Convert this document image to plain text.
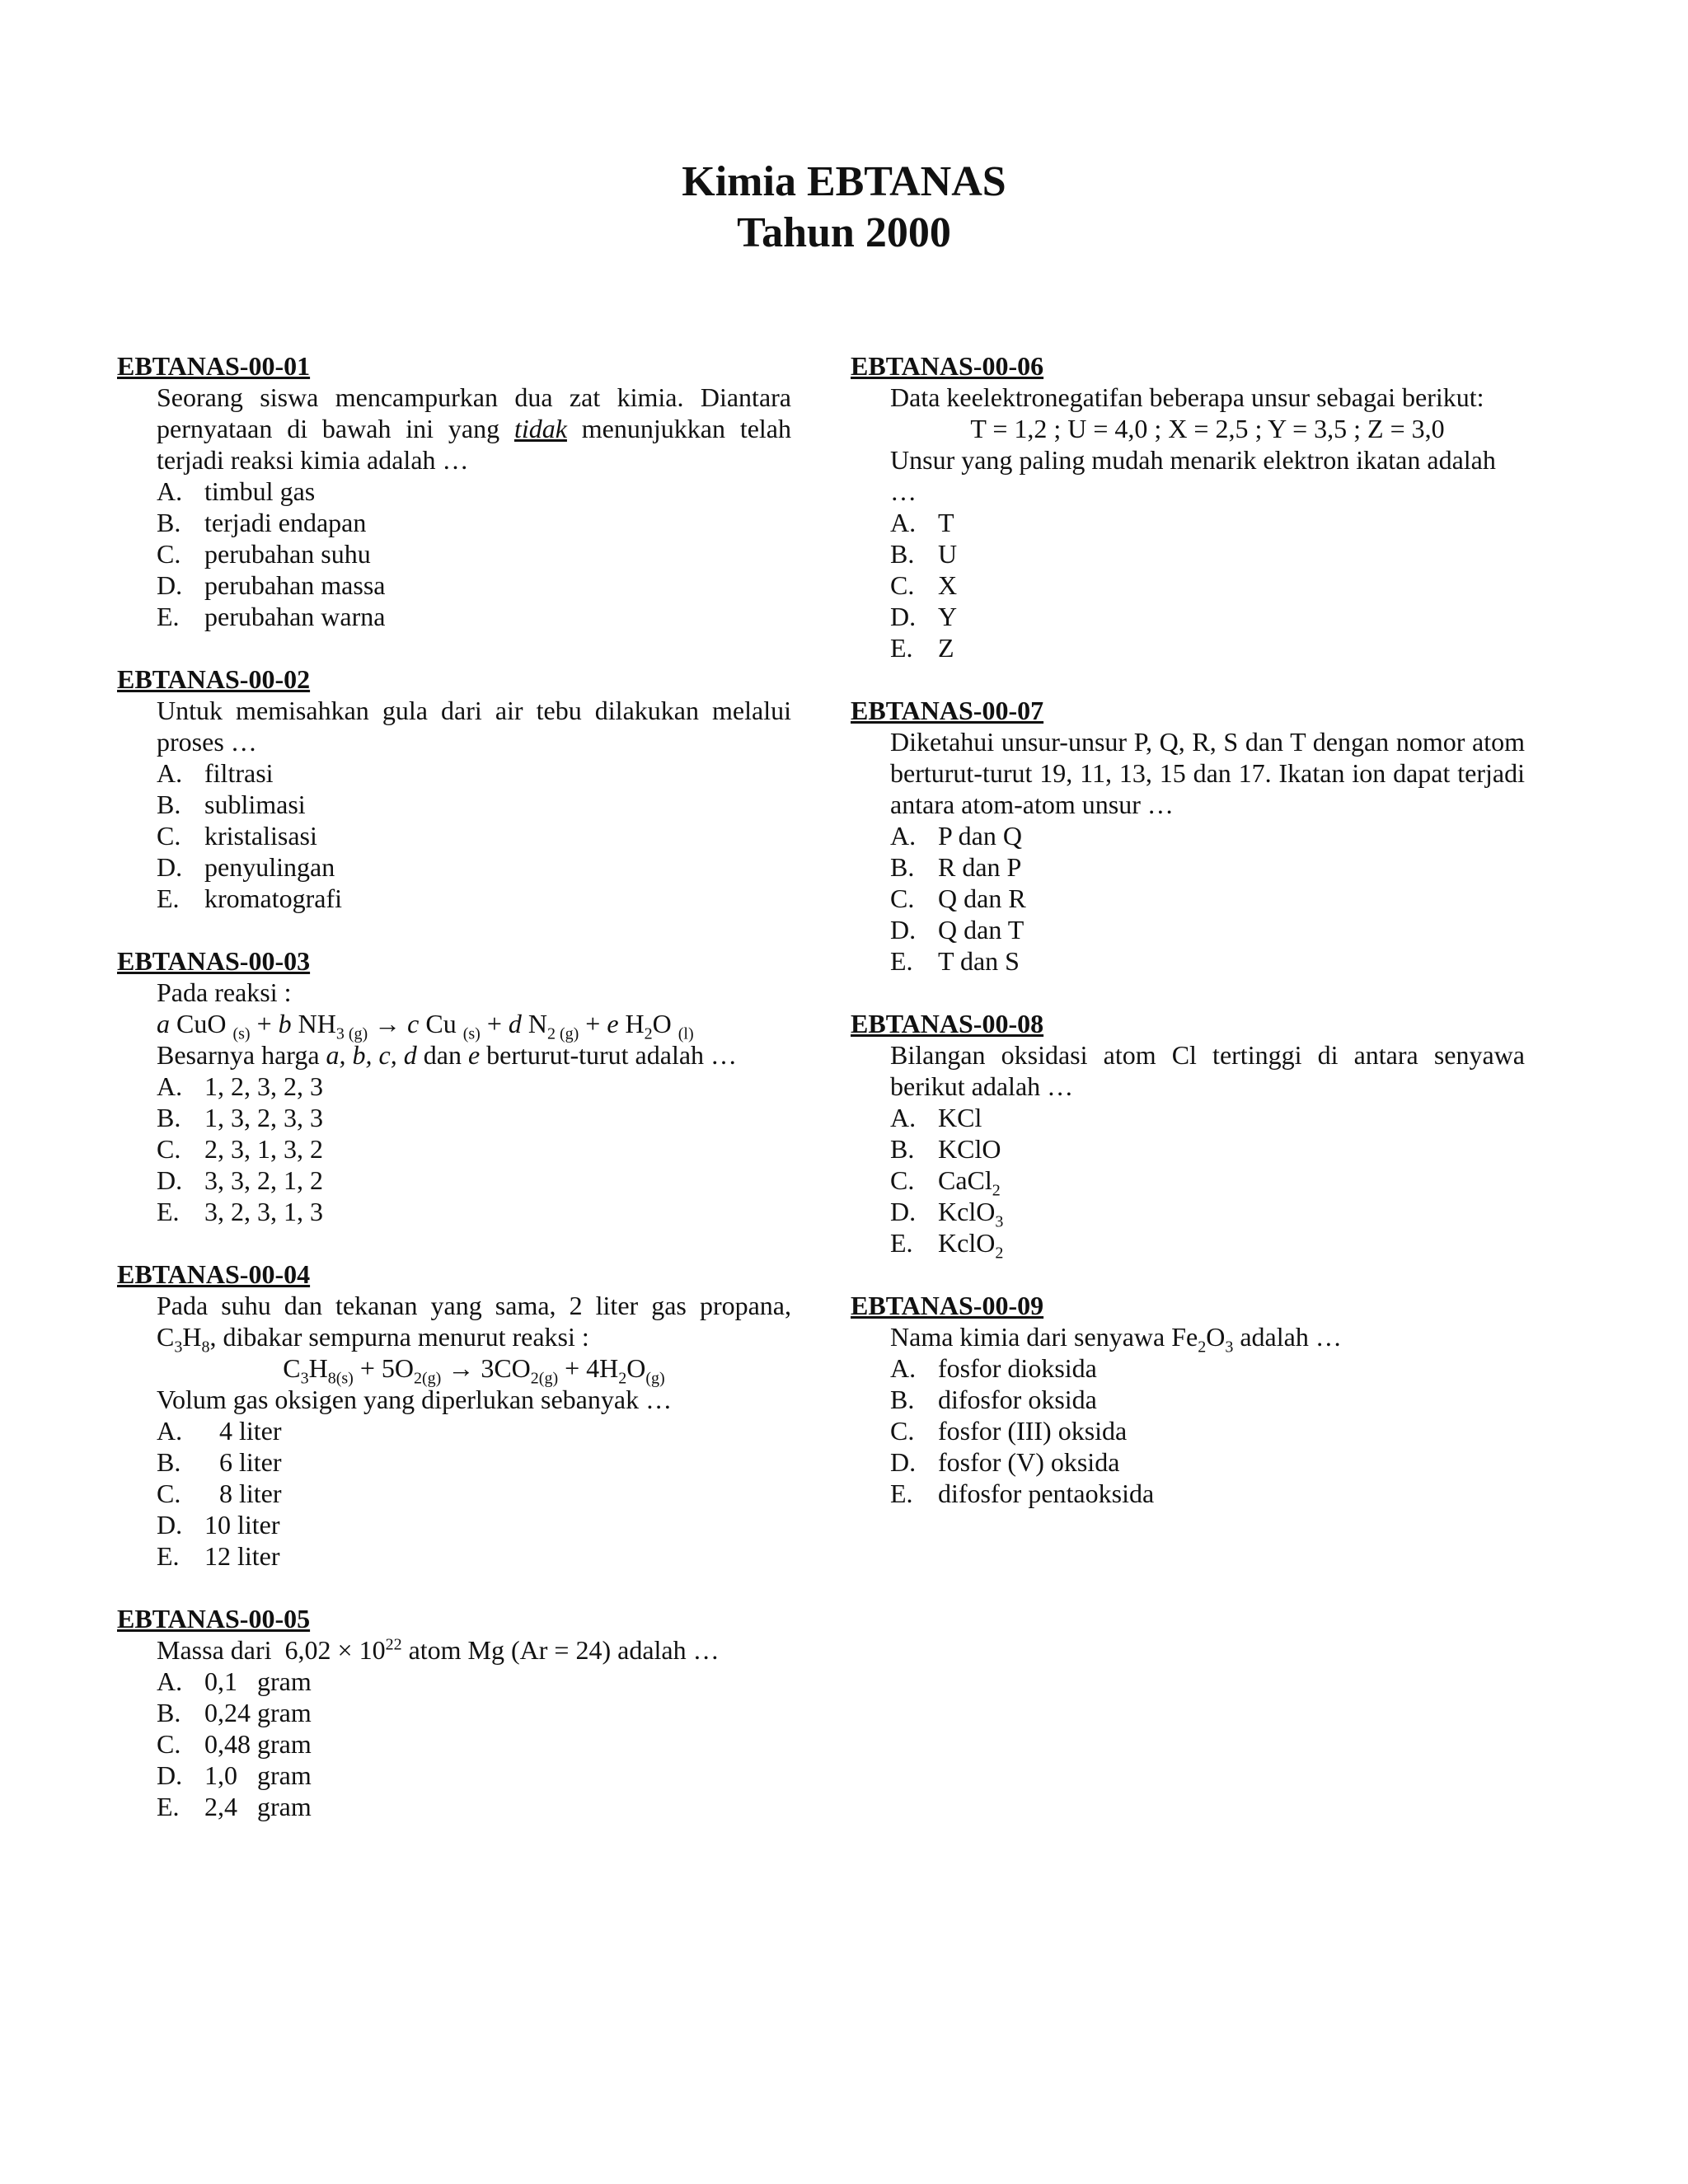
Kimia EBTANAS
Tahun 2000
EBTANAS-00-01
Seorang siswa mencampurkan dua zat kimia. Diantara pernyataan di bawah ini yang tidak menunjukkan telah terjadi reaksi kimia adalah …
A. timbul gas
B. terjadi endapan
C. perubahan suhu
D. perubahan massa
E. perubahan warna
EBTANAS-00-02
Untuk memisahkan gula dari air tebu dilakukan melalui proses …
A. filtrasi
B. sublimasi
C. kristalisasi
D. penyulingan
E. kromatografi
EBTANAS-00-03
Pada reaksi :
a CuO $_{(s)}$ + b $NH_3$ $_{(g)}$ → c Cu $_{(s)}$ + d $N_2$ $_{(g)}$ + e $H_2O$ $_{(l)}$
Besarnya harga a, b, c, d dan e berturut-turut adalah …
A. 1, 2, 3, 2, 3
B. 1, 3, 2, 3, 3
C. 2, 3, 1, 3, 2
D. 3, 3, 2, 1, 2
E. 3, 2, 3, 1, 3
EBTANAS-00-04
Pada suhu dan tekanan yang sama, 2 liter gas propana, $C_3H_8$, dibakar sempurna menurut reaksi :
$C_3H_{8(s)} + 5O_{2(g)} \to 3CO_{2(g)} + 4H_2O_{(g)}$
Volum gas oksigen yang diperlukan sebanyak …
A.	4 liter
B.	6 liter
C.	8 liter
D. 10 liter
E. 12 liter
EBTANAS-00-05
Massa dari  $6,02 \times 10^{22}$ atom Mg (Ar = 24) adalah …
A. 0,1   gram
B. 0,24 gram
C. 0,48 gram
D. 1,0   gram
E. 2,4   gram
EBTANAS-00-06
Data keelektronegatifan beberapa unsur sebagai berikut:
T = 1,2 ; U = 4,0 ; X = 2,5 ; Y = 3,5 ; Z = 3,0
Unsur yang paling mudah menarik elektron ikatan adalah …
A. T
B. U
C. X
D. Y
E. Z
EBTANAS-00-07
Diketahui unsur-unsur P, Q, R, S dan T dengan nomor atom berturut-turut 19, 11, 13, 15 dan 17. Ikatan ion dapat terjadi antara atom-atom unsur …
A. P dan Q
B. R dan P
C. Q dan R
D. Q dan T
E. T dan S
EBTANAS-00-08
Bilangan oksidasi atom Cl tertinggi di antara senyawa berikut adalah …
A. KCl
B. KClO
C. CaCl$_2$
D. KclO$_3$
E. KclO$_2$
EBTANAS-00-09
Nama kimia dari senyawa $Fe_2O_3$ adalah …
A. fosfor dioksida
B. difosfor oksida
C. fosfor (III) oksida
D. fosfor (V) oksida
E. difosfor pentaoksida
